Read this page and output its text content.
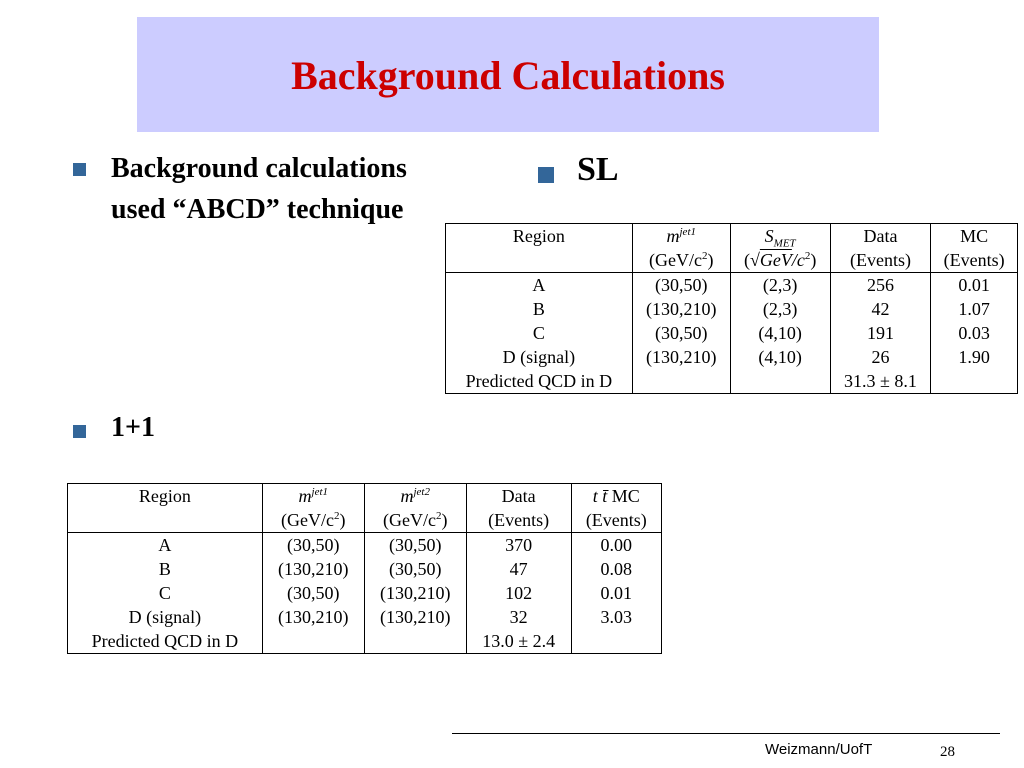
Background Calculations
Background calculations used “ABCD” technique
SL
1+1
Region	$m^{jet1}$	$S_{MET}$	Data	MC
	$(GeV/c^2)$	$(√GeV/c^2)$	(Events)	(Events)
A	(30,50)	(2,3)	256	0.01
B	(130,210)	(2,3)	42	1.07
C	(30,50)	(4,10)	191	0.03
D (signal)	(130,210)	(4,10)	26	1.90
Predicted QCD in D			31.3 ± 8.1	
Region	$m^{jet1}$	$m^{jet2}$	Data	t t̄ MC
	$(GeV/c^2)$	$(GeV/c^2)$	(Events)	(Events)
A	(30,50)	(30,50)	370	0.00
B	(130,210)	(30,50)	47	0.08
C	(30,50)	(130,210)	102	0.01
D (signal)	(130,210)	(130,210)	32	3.03
Predicted QCD in D			13.0 ± 2.4	
Weizmann/UofT	28
